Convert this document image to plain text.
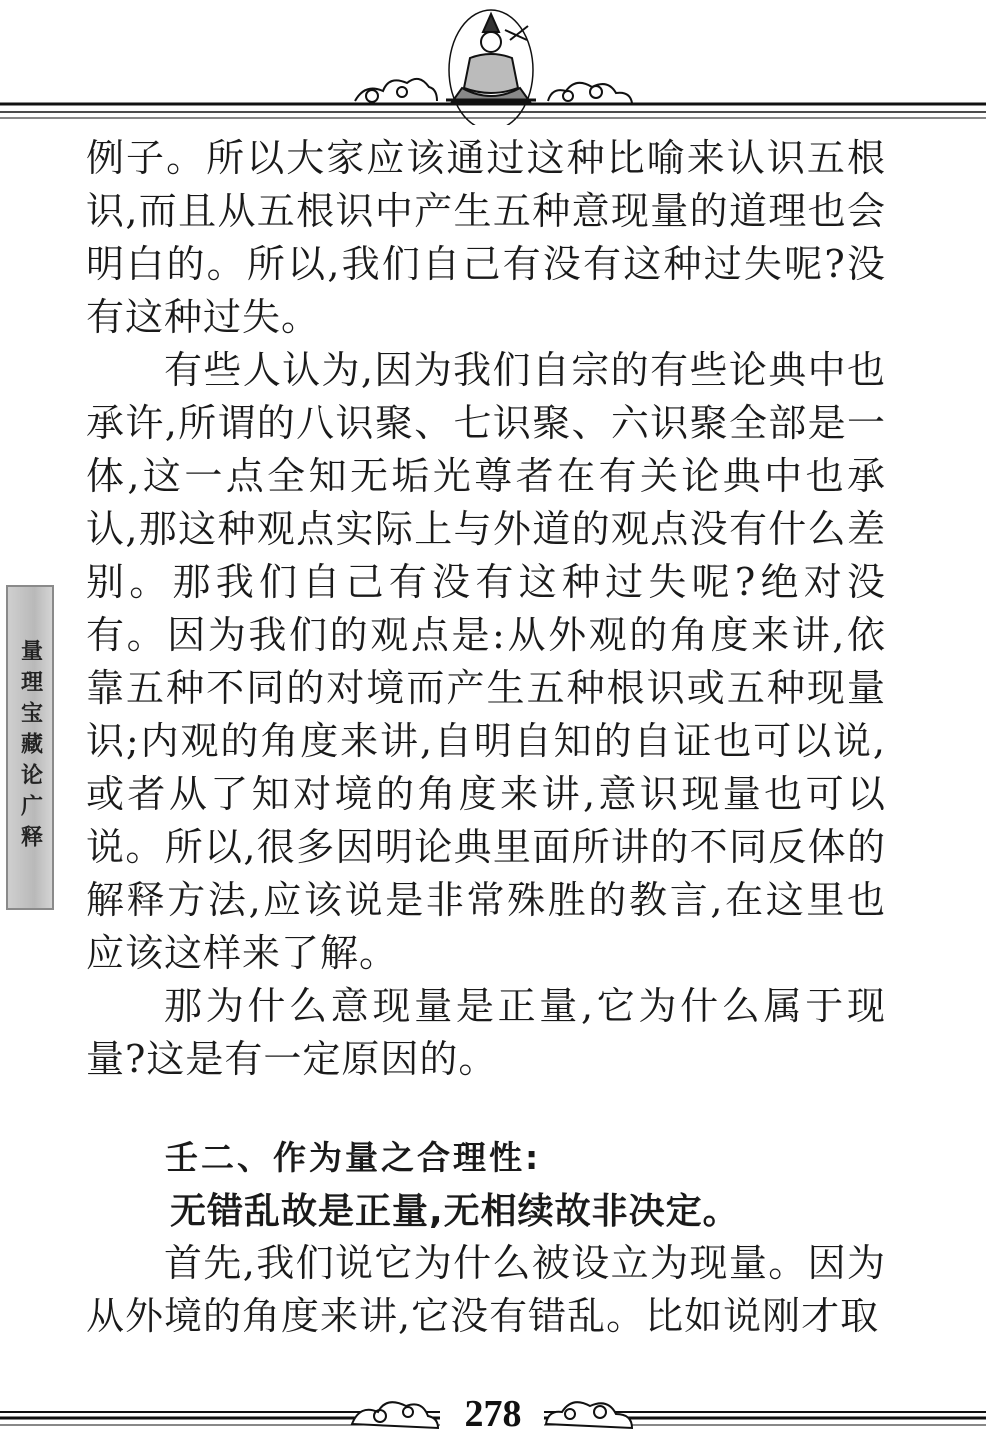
量理宝藏论广释

例子。所以大家应该通过这种比喻来认识五根识,而且从五根识中产生五种意现量的道理也会明白的。所以,我们自己有没有这种过失呢?没有这种过失。

有些人认为,因为我们自宗的有些论典中也承许,所谓的八识聚、七识聚、六识聚全部是一体,这一点全知无垢光尊者在有关论典中也承认,那这种观点实际上与外道的观点没有什么差别。那我们自己有没有这种过失呢?绝对没有。因为我们的观点是:从外观的角度来讲,依靠五种不同的对境而产生五种根识或五种现量识;内观的角度来讲,自明自知的自证也可以说,或者从了知对境的角度来讲,意识现量也可以说。所以,很多因明论典里面所讲的不同反体的解释方法,应该说是非常殊胜的教言,在这里也应该这样来了解。

那为什么意现量是正量,它为什么属于现量?这是有一定原因的。

壬二、作为量之合理性:
无错乱故是正量,无相续故非决定。

首先,我们说它为什么被设立为现量。因为从外境的角度来讲,它没有错乱。比如说刚才取

278
